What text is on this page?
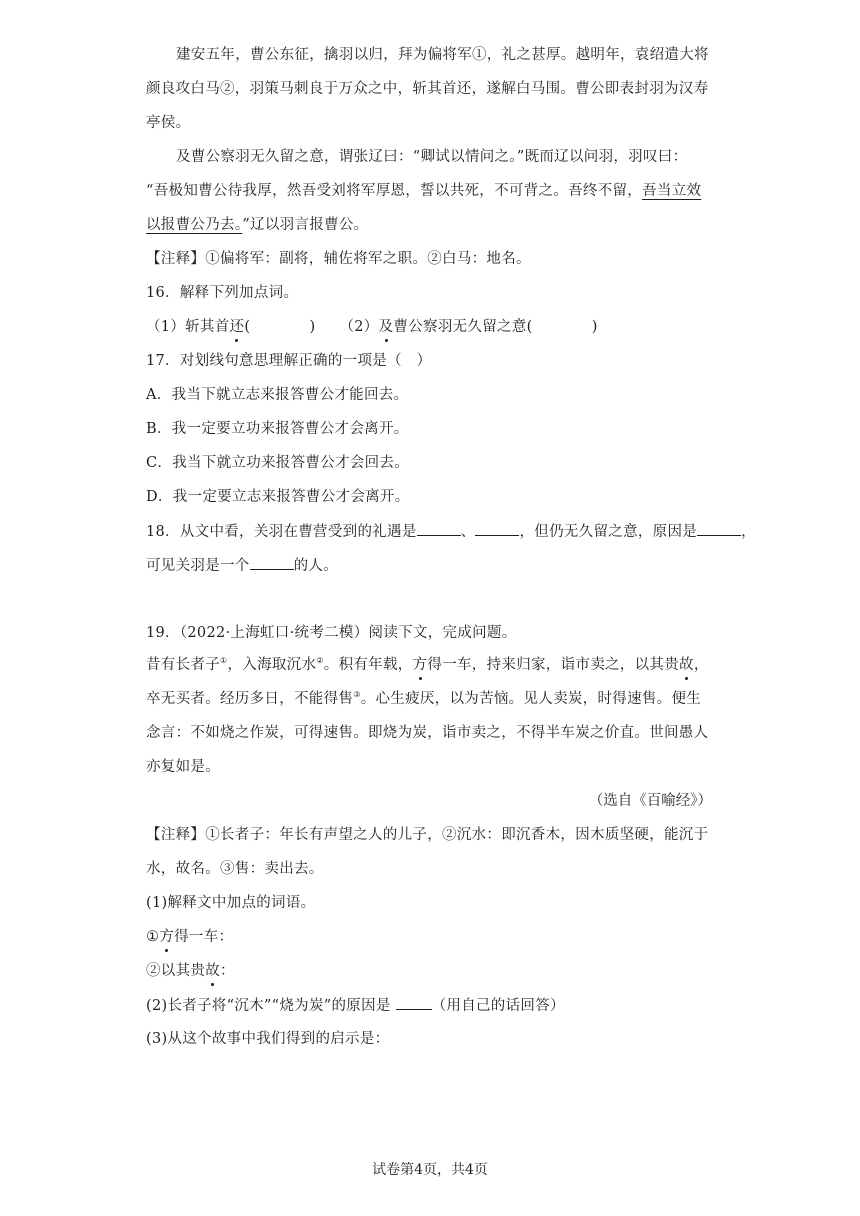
建安五年，曹公东征，擒羽以归，拜为偏将军①，礼之甚厚。越明年，袁绍遣大将
颜良攻白马②，羽策马刺良于万众之中，斩其首还，遂解白马围。曹公即表封羽为汉寿
亭侯。
及曹公察羽无久留之意，谓张辽曰：“卿试以情问之。”既而辽以问羽，羽叹曰：
“吾极知曹公待我厚，然吾受刘将军厚恩，誓以共死，不可背之。吾终不留，吾当立效
以报曹公乃去。”辽以羽言报曹公。
【注释】①偏将军：副将，辅佐将军之职。②白马：地名。
16．解释下列加点词。
（1）斩其首还(　　　　) （2）及曹公察羽无久留之意(　　　　)
17．对划线句意思理解正确的一项是（　）
A．我当下就立志来报答曹公才能回去。
B．我一定要立功来报答曹公才会离开。
C．我当下就立功来报答曹公才会回去。
D．我一定要立志来报答曹公才会离开。
18．从文中看，关羽在曹营受到的礼遇是	、	，但仍无久留之意，原因是	，
可见关羽是一个	的人。
19．（2022·上海虹口·统考二模）阅读下文，完成问题。
昔有长者子①，入海取沉水②。积有年载，方得一车，持来归家，诣市卖之，以其贵故，
卒无买者。经历多日，不能得售③。心生疲厌，以为苦恼。见人卖炭，时得速售。便生
念言：不如烧之作炭，可得速售。即烧为炭，诣市卖之，不得半车炭之价直。世间愚人
亦复如是。
（选自《百喻经》）
【注释】①长者子：年长有声望之人的儿子，②沉水：即沉香木，因木质坚硬，能沉于
水，故名。③售：卖出去。
(1)解释文中加点的词语。
①方得一车：
②以其贵故：
(2)长者子将“沉木”“烧为炭”的原因是 （用自己的话回答）
(3)从这个故事中我们得到的启示是：
试卷第4页，共4页
